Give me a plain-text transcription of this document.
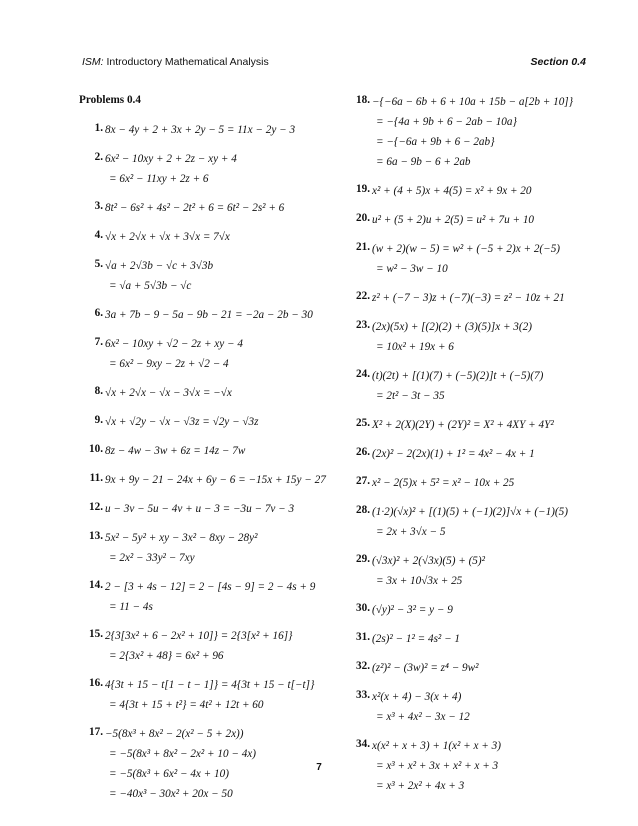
ISM: Introductory Mathematical Analysis	Section 0.4
Problems 0.4
1. 8x − 4y + 2 + 3x + 2y − 5 = 11x − 2y − 3
2. 6x² − 10xy + 2 + 2z − xy + 4
= 6x² − 11xy + 2z + 6
3. 8t² − 6s² + 4s² − 2t² + 6 = 6t² − 2s² + 6
4. √x + 2√x + √x + 3√x = 7√x
5. √a + 2√3b − √c + 3√3b
= √a + 5√3b − √c
6. 3a + 7b − 9 − 5a − 9b − 21 = −2a − 2b − 30
7. 6x² − 10xy + √2 − 2z + xy − 4
= 6x² − 9xy − 2z + √2 − 4
8. √x + 2√x − √x − 3√x = −√x
9. √x + √2y − √x − √3z = √2y − √3z
10. 8z − 4w − 3w + 6z = 14z − 7w
11. 9x + 9y − 21 − 24x + 6y − 6 = −15x + 15y − 27
12. u − 3v − 5u − 4v + u − 3 = −3u − 7v − 3
13. 5x² − 5y² + xy − 3x² − 8xy − 28y²
= 2x² − 33y² − 7xy
14. 2 − [3 + 4s − 12] = 2 − [4s − 9] = 2 − 4s + 9
= 11 − 4s
15. 2{3[3x² + 6 − 2x² + 10]} = 2{3[x² + 16]}
= 2{3x² + 48} = 6x² + 96
16. 4{3t + 15 − t[1 − t − 1]} = 4{3t + 15 − t[−t]}
= 4{3t + 15 + t²} = 4t² + 12t + 60
17. −5(8x³ + 8x² − 2(x² − 5 + 2x))
= −5(8x³ + 8x² − 2x² + 10 − 4x)
= −5(8x³ + 6x² − 4x + 10)
= −40x³ − 30x² + 20x − 50
18. −{−6a − 6b + 6 + 10a + 15b − a[2b + 10]}
= −{4a + 9b + 6 − 2ab − 10a}
= −{−6a + 9b + 6 − 2ab}
= 6a − 9b − 6 + 2ab
19. x² + (4 + 5)x + 4(5) = x² + 9x + 20
20. u² + (5 + 2)u + 2(5) = u² + 7u + 10
21. (w + 2)(w − 5) = w² + (−5 + 2)x + 2(−5)
= w² − 3w − 10
22. z² + (−7 − 3)z + (−7)(−3) = z² − 10z + 21
23. (2x)(5x) + [(2)(2) + (3)(5)]x + 3(2)
= 10x² + 19x + 6
24. (t)(2t) + [(1)(7) + (−5)(2)]t + (−5)(7)
= 2t² − 3t − 35
25. X² + 2(X)(2Y) + (2Y)² = X² + 4XY + 4Y²
26. (2x)² − 2(2x)(1) + 1² = 4x² − 4x + 1
27. x² − 2(5)x + 5² = x² − 10x + 25
28. (1·2)(√x)² + [(1)(5) + (−1)(2)]√x + (−1)(5)
= 2x + 3√x − 5
29. (√3x)² + 2(√3x)(5) + (5)²
= 3x + 10√3x + 25
30. (√y)² − 3² = y − 9
31. (2s)² − 1² = 4s² − 1
32. (z²)² − (3w)² = z⁴ − 9w²
33. x²(x + 4) − 3(x + 4)
= x³ + 4x² − 3x − 12
34. x(x² + x + 3) + 1(x² + x + 3)
= x³ + x² + 3x + x² + x + 3
= x³ + 2x² + 4x + 3
7
